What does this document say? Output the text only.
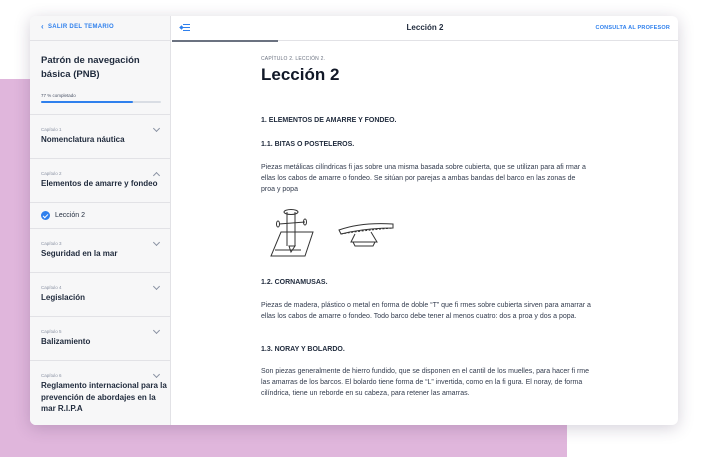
‹ SALIR DEL TEMARIO
Patrón de navegación básica (PNB)
77 % completado
Capítulo 1
Nomenclatura náutica
Capítulo 2
Elementos de amarre y fondeo
Lección 2
Capítulo 3
Seguridad en la mar
Capítulo 4
Legislación
Capítulo 5
Balizamiento
Capítulo 6
Reglamento internacional para la prevención de abordajes en la mar R.I.P.A
Lección 2	CONSULTA AL PROFESOR
CAPÍTULO 2. LECCIÓN 2.
Lección 2
1. ELEMENTOS DE AMARRE Y FONDEO.
1.1. BITAS O POSTELEROS.
Piezas metálicas cilíndricas fi jas sobre una misma basada sobre cubierta, que se utilizan para afi rmar a ellas los cabos de amarre o fondeo. Se sitúan por parejas a ambas bandas del barco en las zonas de proa y popa
1.2. CORNAMUSAS.
Piezas de madera, plástico o metal en forma de doble “T” que fi rmes sobre cubierta sirven para amarrar a ellas los cabos de amarre o fondeo. Todo barco debe tener al menos cuatro: dos a proa y dos a popa.
1.3. NORAY Y BOLARDO.
Son piezas generalmente de hierro fundido, que se disponen en el cantil de los muelles, para hacer fi rme las amarras de los barcos. El bolardo tiene forma de “L” invertida, como en la fi gura. El noray, de forma cilíndrica, tiene un reborde en su cabeza, para retener las amarras.
